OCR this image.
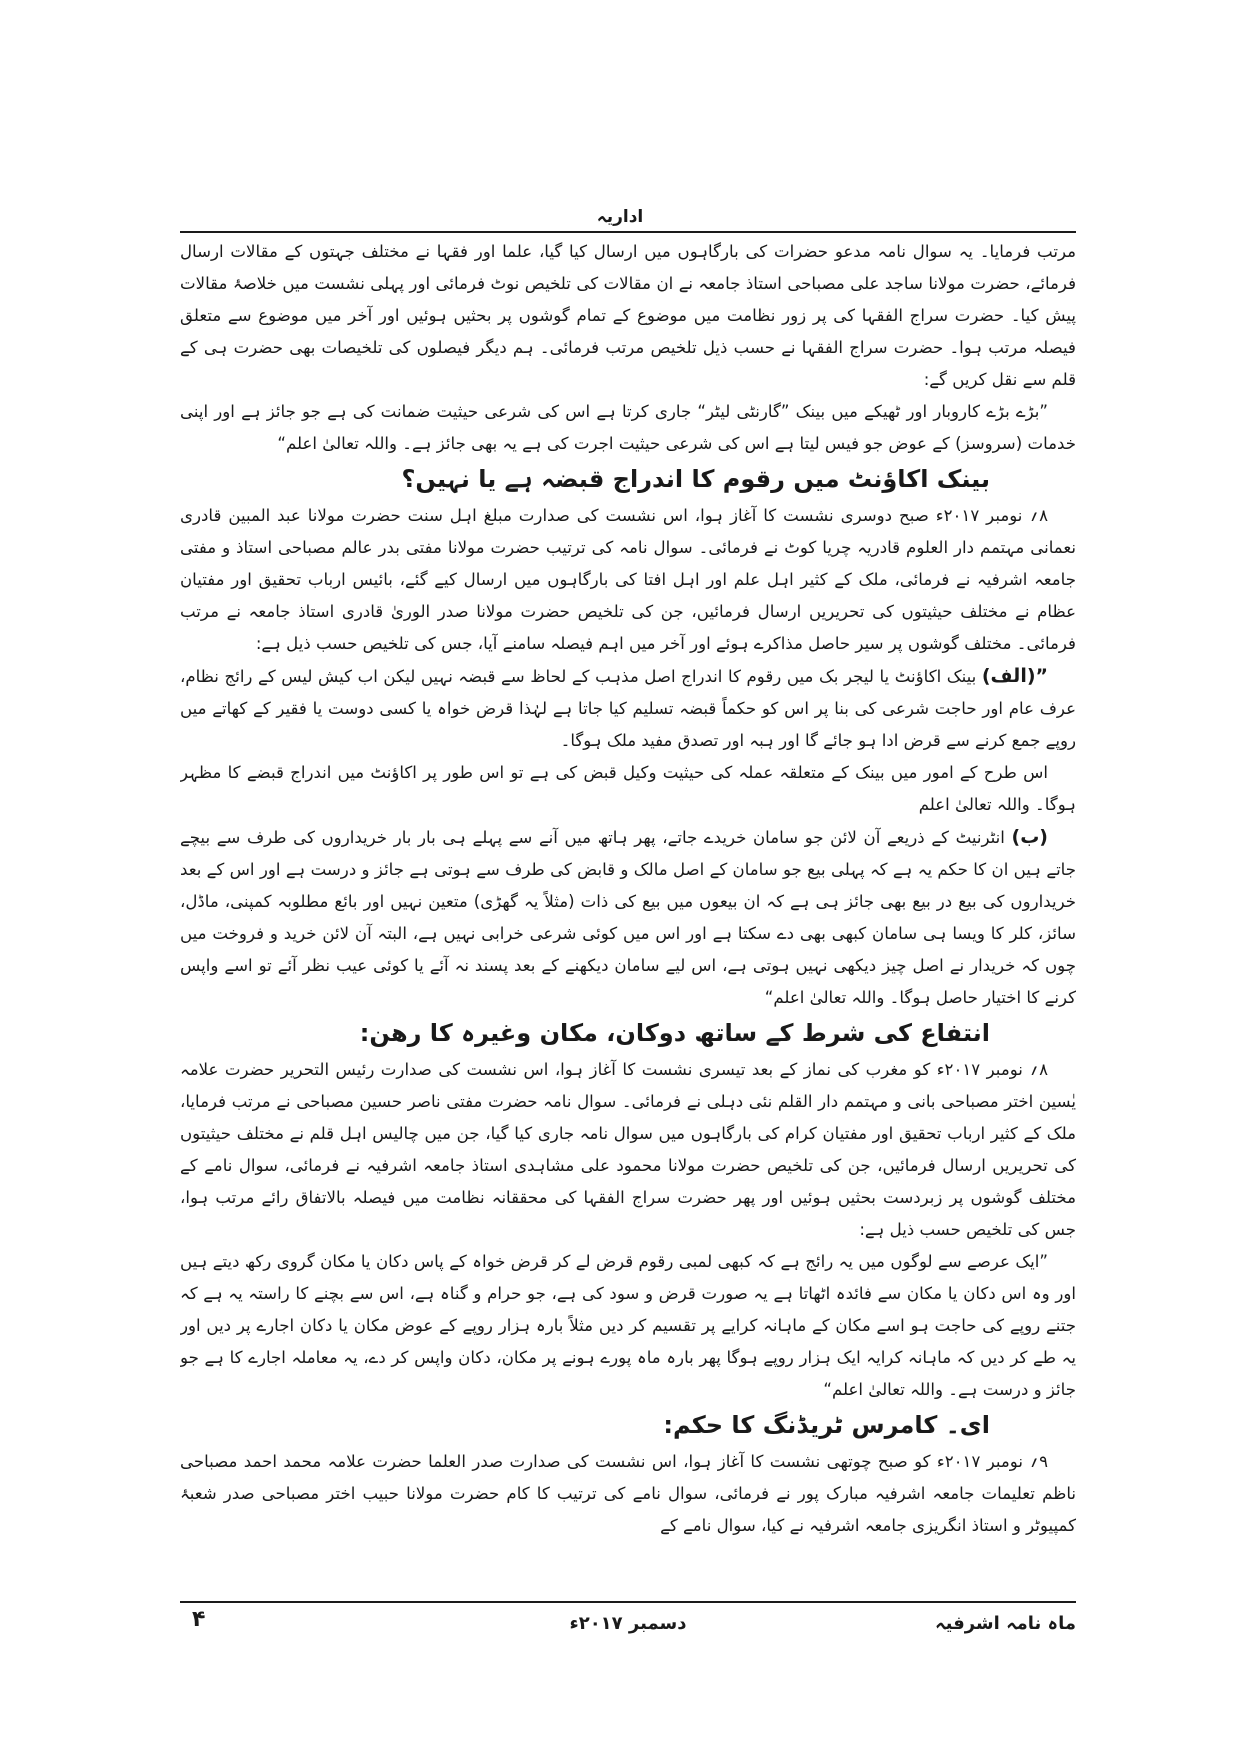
اداریہ

مرتب فرمایا۔ یہ سوال نامہ مدعو حضرات کی بارگاہوں میں ارسال کیا گیا، علما اور فقہا نے مختلف جہتوں کے مقالات ارسال فرمائے، حضرت مولانا ساجد علی مصباحی استاذ جامعہ نے ان مقالات کی تلخیص نوٹ فرمائی اور پہلی نشست میں خلاصۂ مقالات پیش کیا۔ حضرت سراج الفقہا کی پر زور نظامت میں موضوع کے تمام گوشوں پر بحثیں ہوئیں اور آخر میں موضوع سے متعلق فیصلہ مرتب ہوا۔ حضرت سراج الفقہا نے حسب ذیل تلخیص مرتب فرمائی۔ ہم دیگر فیصلوں کی تلخیصات بھی حضرت ہی کے قلم سے نقل کریں گے:

”بڑے بڑے کاروبار اور ٹھیکے میں بینک ”گارنٹی لیٹر“ جاری کرتا ہے اس کی شرعی حیثیت ضمانت کی ہے جو جائز ہے اور اپنی خدمات (سروسز) کے عوض جو فیس لیتا ہے اس کی شرعی حیثیت اجرت کی ہے یہ بھی جائز ہے۔ واللہ تعالیٰ اعلم“

بینک اکاؤنٹ میں رقوم کا اندراج قبضہ ہے یا نہیں؟

۸؍ نومبر ۲۰۱۷ء صبح دوسری نشست کا آغاز ہوا، اس نشست کی صدارت مبلغ اہل سنت حضرت مولانا عبد المبین قادری نعمانی مہتمم دار العلوم قادریہ چریا کوٹ نے فرمائی۔ سوال نامہ کی ترتیب حضرت مولانا مفتی بدر عالم مصباحی استاذ و مفتی جامعہ اشرفیہ نے فرمائی، ملک کے کثیر اہل علم اور اہل افتا کی بارگاہوں میں ارسال کیے گئے، بائیس ارباب تحقیق اور مفتیان عظام نے مختلف حیثیتوں کی تحریریں ارسال فرمائیں، جن کی تلخیص حضرت مولانا صدر الوریٰ قادری استاذ جامعہ نے مرتب فرمائی۔ مختلف گوشوں پر سیر حاصل مذاکرے ہوئے اور آخر میں اہم فیصلہ سامنے آیا، جس کی تلخیص حسب ذیل ہے:

”(الف) بینک اکاؤنٹ یا لیجر بک میں رقوم کا اندراج اصل مذہب کے لحاظ سے قبضہ نہیں لیکن اب کیش لیس کے رائج نظام، عرف عام اور حاجت شرعی کی بنا پر اس کو حکماً قبضہ تسلیم کیا جاتا ہے لہٰذا قرض خواہ یا کسی دوست یا فقیر کے کھاتے میں روپے جمع کرنے سے قرض ادا ہو جائے گا اور ہبہ اور تصدق مفید ملک ہوگا۔

اس طرح کے امور میں بینک کے متعلقہ عملہ کی حیثیت وکیل قبض کی ہے تو اس طور پر اکاؤنٹ میں اندراج قبضے کا مظہر ہوگا۔ واللہ تعالیٰ اعلم

(ب) انٹرنیٹ کے ذریعے آن لائن جو سامان خریدے جاتے، پھر ہاتھ میں آنے سے پہلے ہی بار بار خریداروں کی طرف سے بیچے جاتے ہیں ان کا حکم یہ ہے کہ پہلی بیع جو سامان کے اصل مالک و قابض کی طرف سے ہوتی ہے جائز و درست ہے اور اس کے بعد خریداروں کی بیع در بیع بھی جائز ہی ہے کہ ان بیعوں میں بیع کی ذات (مثلاً یہ گھڑی) متعین نہیں اور بائع مطلوبہ کمپنی، ماڈل، سائز، کلر کا ویسا ہی سامان کبھی بھی دے سکتا ہے اور اس میں کوئی شرعی خرابی نہیں ہے، البتہ آن لائن خرید و فروخت میں چوں کہ خریدار نے اصل چیز دیکھی نہیں ہوتی ہے، اس لیے سامان دیکھنے کے بعد پسند نہ آئے یا کوئی عیب نظر آئے تو اسے واپس کرنے کا اختیار حاصل ہوگا۔ واللہ تعالیٰ اعلم“

انتفاع کی شرط کے ساتھ دوکان، مکان وغیرہ کا رهن:

۸؍ نومبر ۲۰۱۷ء کو مغرب کی نماز کے بعد تیسری نشست کا آغاز ہوا، اس نشست کی صدارت رئیس التحریر حضرت علامہ یٰسین اختر مصباحی بانی و مہتمم دار القلم نئی دہلی نے فرمائی۔ سوال نامہ حضرت مفتی ناصر حسین مصباحی نے مرتب فرمایا، ملک کے کثیر ارباب تحقیق اور مفتیان کرام کی بارگاہوں میں سوال نامہ جاری کیا گیا، جن میں چالیس اہل قلم نے مختلف حیثیتوں کی تحریریں ارسال فرمائیں، جن کی تلخیص حضرت مولانا محمود علی مشاہدی استاذ جامعہ اشرفیہ نے فرمائی، سوال نامے کے مختلف گوشوں پر زبردست بحثیں ہوئیں اور پھر حضرت سراج الفقہا کی محققانہ نظامت میں فیصلہ بالاتفاق رائے مرتب ہوا، جس کی تلخیص حسب ذیل ہے:

”ایک عرصے سے لوگوں میں یہ رائج ہے کہ کبھی لمبی رقوم قرض لے کر قرض خواہ کے پاس دکان یا مکان گروی رکھ دیتے ہیں اور وہ اس دکان یا مکان سے فائدہ اٹھاتا ہے یہ صورت قرض و سود کی ہے، جو حرام و گناہ ہے، اس سے بچنے کا راستہ یہ ہے کہ جتنے روپے کی حاجت ہو اسے مکان کے ماہانہ کرایے پر تقسیم کر دیں مثلاً بارہ ہزار روپے کے عوض مکان یا دکان اجارے پر دیں اور یہ طے کر دیں کہ ماہانہ کرایہ ایک ہزار روپے ہوگا پھر بارہ ماہ پورے ہونے پر مکان، دکان واپس کر دے، یہ معاملہ اجارے کا ہے جو جائز و درست ہے۔ واللہ تعالیٰ اعلم“

ای۔ کامرس ٹریڈنگ کا حکم:

۹؍ نومبر ۲۰۱۷ء کو صبح چوتھی نشست کا آغاز ہوا، اس نشست کی صدارت صدر العلما حضرت علامہ محمد احمد مصباحی ناظم تعلیمات جامعہ اشرفیہ مبارک پور نے فرمائی، سوال نامے کی ترتیب کا کام حضرت مولانا حبیب اختر مصباحی صدر شعبۂ کمپیوٹر و استاذ انگریزی جامعہ اشرفیہ نے کیا، سوال نامے کے

ماہ نامہ اشرفیہ
دسمبر ۲۰۱۷ء
۴
